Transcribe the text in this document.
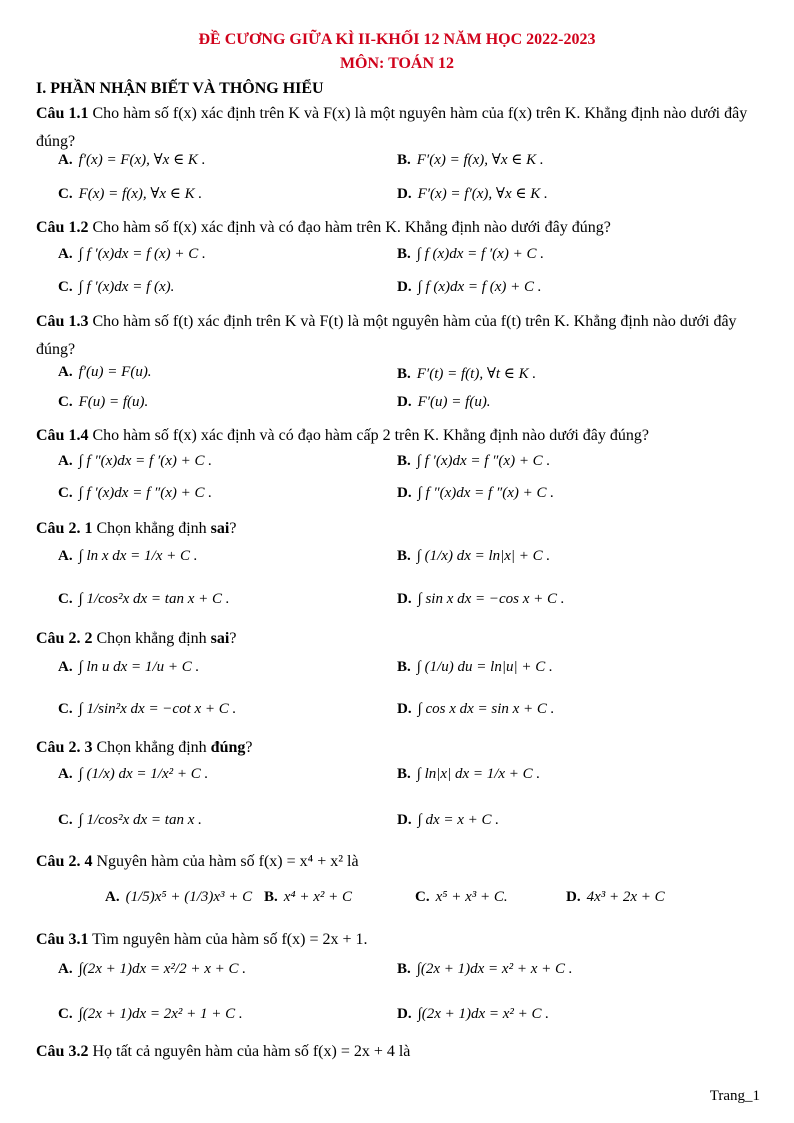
ĐỀ CƯƠNG GIỮA KÌ II-KHỐI 12 NĂM HỌC 2022-2023
MÔN: TOÁN 12
I. PHẦN NHẬN BIẾT VÀ THÔNG HIỂU
Câu 1.1 Cho hàm số f(x) xác định trên K và F(x) là một nguyên hàm của f(x) trên K. Khẳng định nào dưới đây đúng?
A. f′(x) = F(x), ∀x ∈ K .	B. F′(x) = f(x), ∀x ∈ K .
C. F(x) = f(x), ∀x ∈ K .	D. F′(x) = f′(x), ∀x ∈ K .
Câu 1.2 Cho hàm số f(x) xác định và có đạo hàm trên K. Khẳng định nào dưới đây đúng?
A. ∫ f ′(x)dx = f (x) + C .	B. ∫ f (x)dx = f ′(x) + C .
C. ∫ f ′(x)dx = f (x).	D. ∫ f (x)dx = f (x) + C .
Câu 1.3 Cho hàm số f(t) xác định trên K và F(t) là một nguyên hàm của f(t) trên K. Khẳng định nào dưới đây đúng?
A. f′(u) = F(u).	B. F′(t) = f(t), ∀t ∈ K .
C. F(u) = f(u).	D. F′(u) = f(u).
Câu 1.4 Cho hàm số f(x) xác định và có đạo hàm cấp 2 trên K. Khẳng định nào dưới đây đúng?
A. ∫ f ″(x)dx = f ′(x) + C .	B. ∫ f ′(x)dx = f ″(x) + C .
C. ∫ f ′(x)dx = f ″(x) + C .	D. ∫ f ″(x)dx = f ″(x) + C .
Câu 2. 1 Chọn khẳng định sai?
A. ∫ ln x dx = 1/x + C .	B. ∫ (1/x) dx = ln|x| + C .
C. ∫ 1/cos²x dx = tan x + C .	D. ∫ sin x dx = −cos x + C .
Câu 2. 2 Chọn khẳng định sai?
A. ∫ ln u dx = 1/u + C .	B. ∫ (1/u) du = ln|u| + C .
C. ∫ 1/sin²x dx = −cot x + C .	D. ∫ cos x dx = sin x + C .
Câu 2. 3 Chọn khẳng định đúng?
A. ∫ (1/x) dx = 1/x² + C .	B. ∫ ln|x| dx = 1/x + C .
C. ∫ 1/cos²x dx = tan x .	D. ∫ dx = x + C .
Câu 2. 4 Nguyên hàm của hàm số f(x) = x⁴ + x² là
A. (1/5)x⁵ + (1/3)x³ + C B. x⁴ + x² + C	C. x⁵ + x³ + C.	D. 4x³ + 2x + C
Câu 3.1 Tìm nguyên hàm của hàm số f(x) = 2x + 1.
A. ∫(2x + 1)dx = x²/2 + x + C .	B. ∫(2x + 1)dx = x² + x + C .
C. ∫(2x + 1)dx = 2x² + 1 + C .	D. ∫(2x + 1)dx = x² + C .
Câu 3.2 Họ tất cả nguyên hàm của hàm số f(x) = 2x + 4 là
Trang_1
